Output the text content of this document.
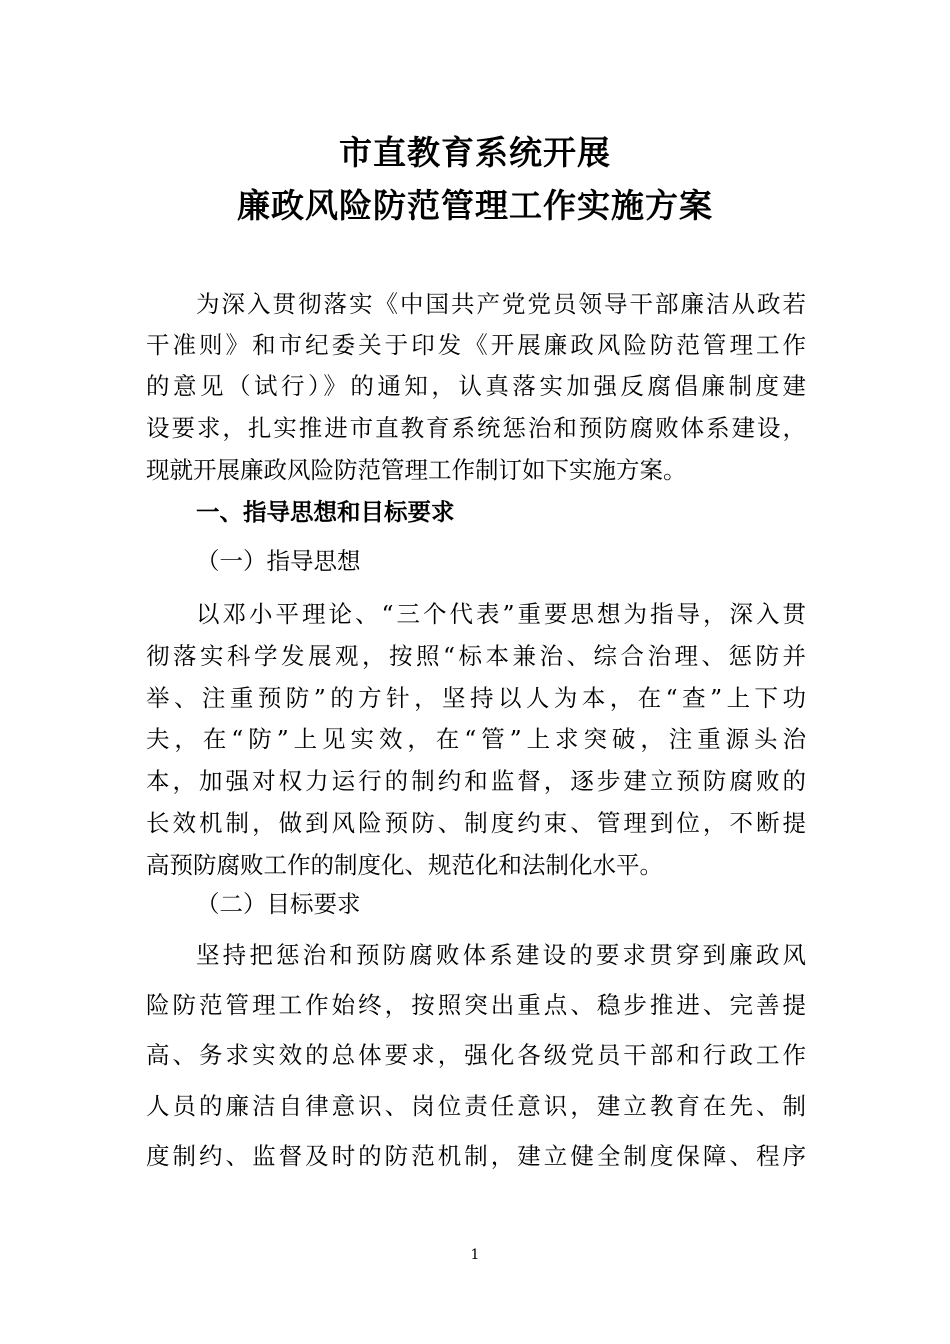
市直教育系统开展
廉政风险防范管理工作实施方案
为深入贯彻落实《中国共产党党员领导干部廉洁从政若
干准则》和市纪委关于印发《开展廉政风险防范管理工作
的意见（试行）》的通知，认真落实加强反腐倡廉制度建
设要求，扎实推进市直教育系统惩治和预防腐败体系建设，
现就开展廉政风险防范管理工作制订如下实施方案。
一、指导思想和目标要求
（一）指导思想
以邓小平理论、“三个代表”重要思想为指导，深入贯
彻落实科学发展观，按照“标本兼治、综合治理、惩防并
举、注重预防”的方针，坚持以人为本，在“查”上下功
夫，在“防”上见实效，在“管”上求突破，注重源头治
本，加强对权力运行的制约和监督，逐步建立预防腐败的
长效机制，做到风险预防、制度约束、管理到位，不断提
高预防腐败工作的制度化、规范化和法制化水平。
（二）目标要求
坚持把惩治和预防腐败体系建设的要求贯穿到廉政风
险防范管理工作始终，按照突出重点、稳步推进、完善提
高、务求实效的总体要求，强化各级党员干部和行政工作
人员的廉洁自律意识、岗位责任意识，建立教育在先、制
度制约、监督及时的防范机制，建立健全制度保障、程序
1
